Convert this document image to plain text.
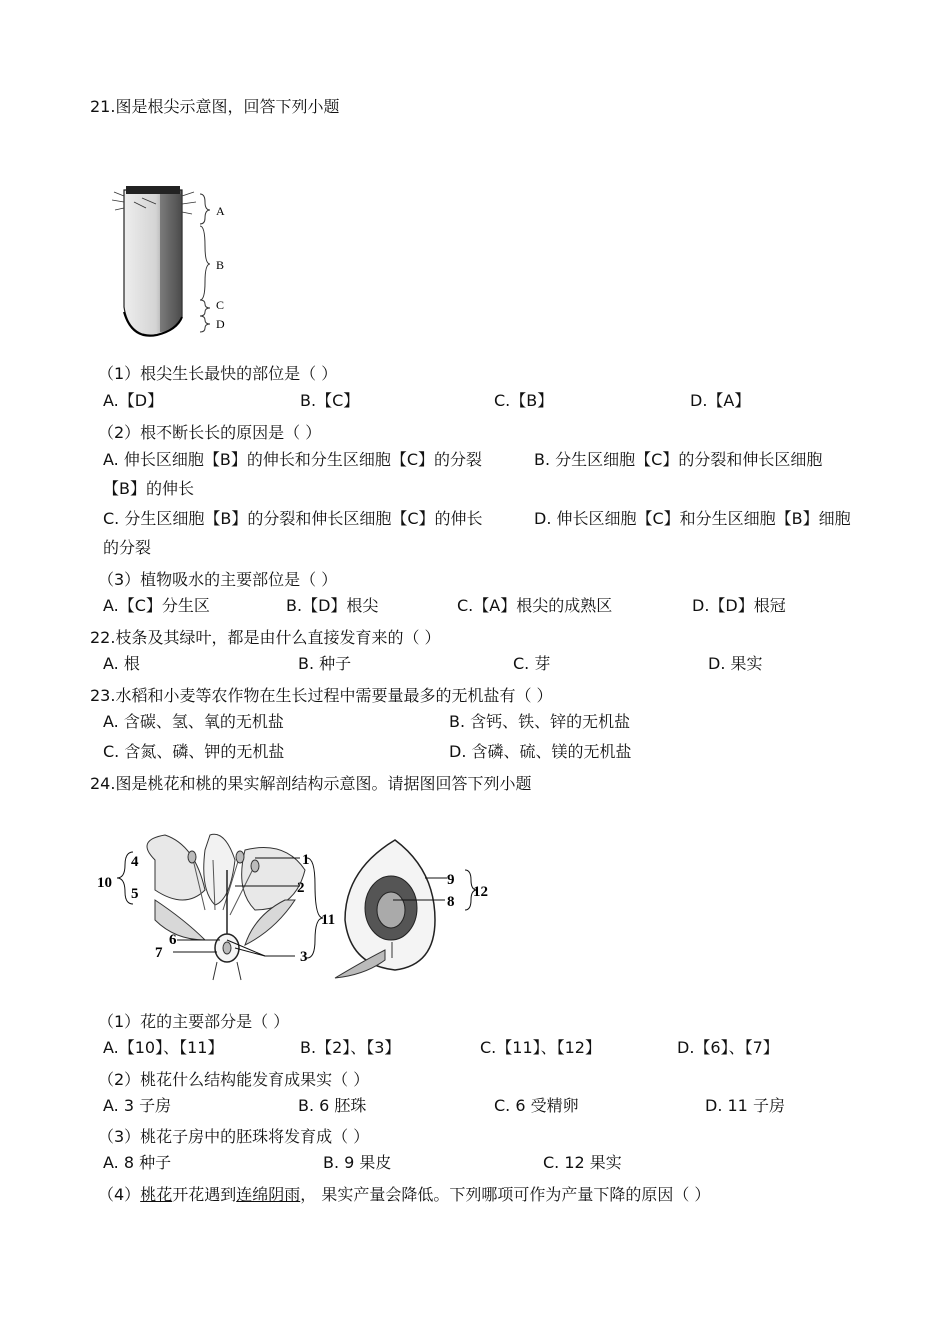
21.图是根尖示意图，回答下列小题
A
B
C
D
（1）根尖生长最快的部位是（ ）
A.【D】	B.【C】	C.【B】	D.【A】
（2）根不断长长的原因是（ ）
A. 伸长区细胞【B】的伸长和分生区细胞【C】的分裂	B. 分生区细胞【C】的分裂和伸长区细胞
【B】的伸长
C. 分生区细胞【B】的分裂和伸长区细胞【C】的伸长	D. 伸长区细胞【C】和分生区细胞【B】细胞
的分裂
（3）植物吸水的主要部位是（ ）
A.【C】分生区	B.【D】根尖	C.【A】根尖的成熟区	D.【D】根冠
22.枝条及其绿叶，都是由什么直接发育来的（ ）
A. 根	B. 种子	C. 芽	D. 果实
23.水稻和小麦等农作物在生长过程中需要量最多的无机盐有（ ）
A. 含碳、氢、氧的无机盐	B. 含钙、铁、锌的无机盐
C. 含氮、磷、钾的无机盐	D. 含磷、硫、镁的无机盐
24.图是桃花和桃的果实解剖结构示意图。请据图回答下列小题
4
5
10
1
2
3
6
7
11
9
8
12
（1）花的主要部分是（ ）
A.【10】、【11】	B.【2】、【3】	C.【11】、【12】	D.【6】、【7】
（2）桃花什么结构能发育成果实（ ）
A. 3 子房	B. 6 胚珠	C. 6 受精卵	D. 11 子房
（3）桃花子房中的胚珠将发育成（ ）
A. 8 种子	B. 9 果皮	C. 12 果实
（4）桃花开花遇到连绵阴雨， 果实产量会降低。下列哪项可作为产量下降的原因（ ）
